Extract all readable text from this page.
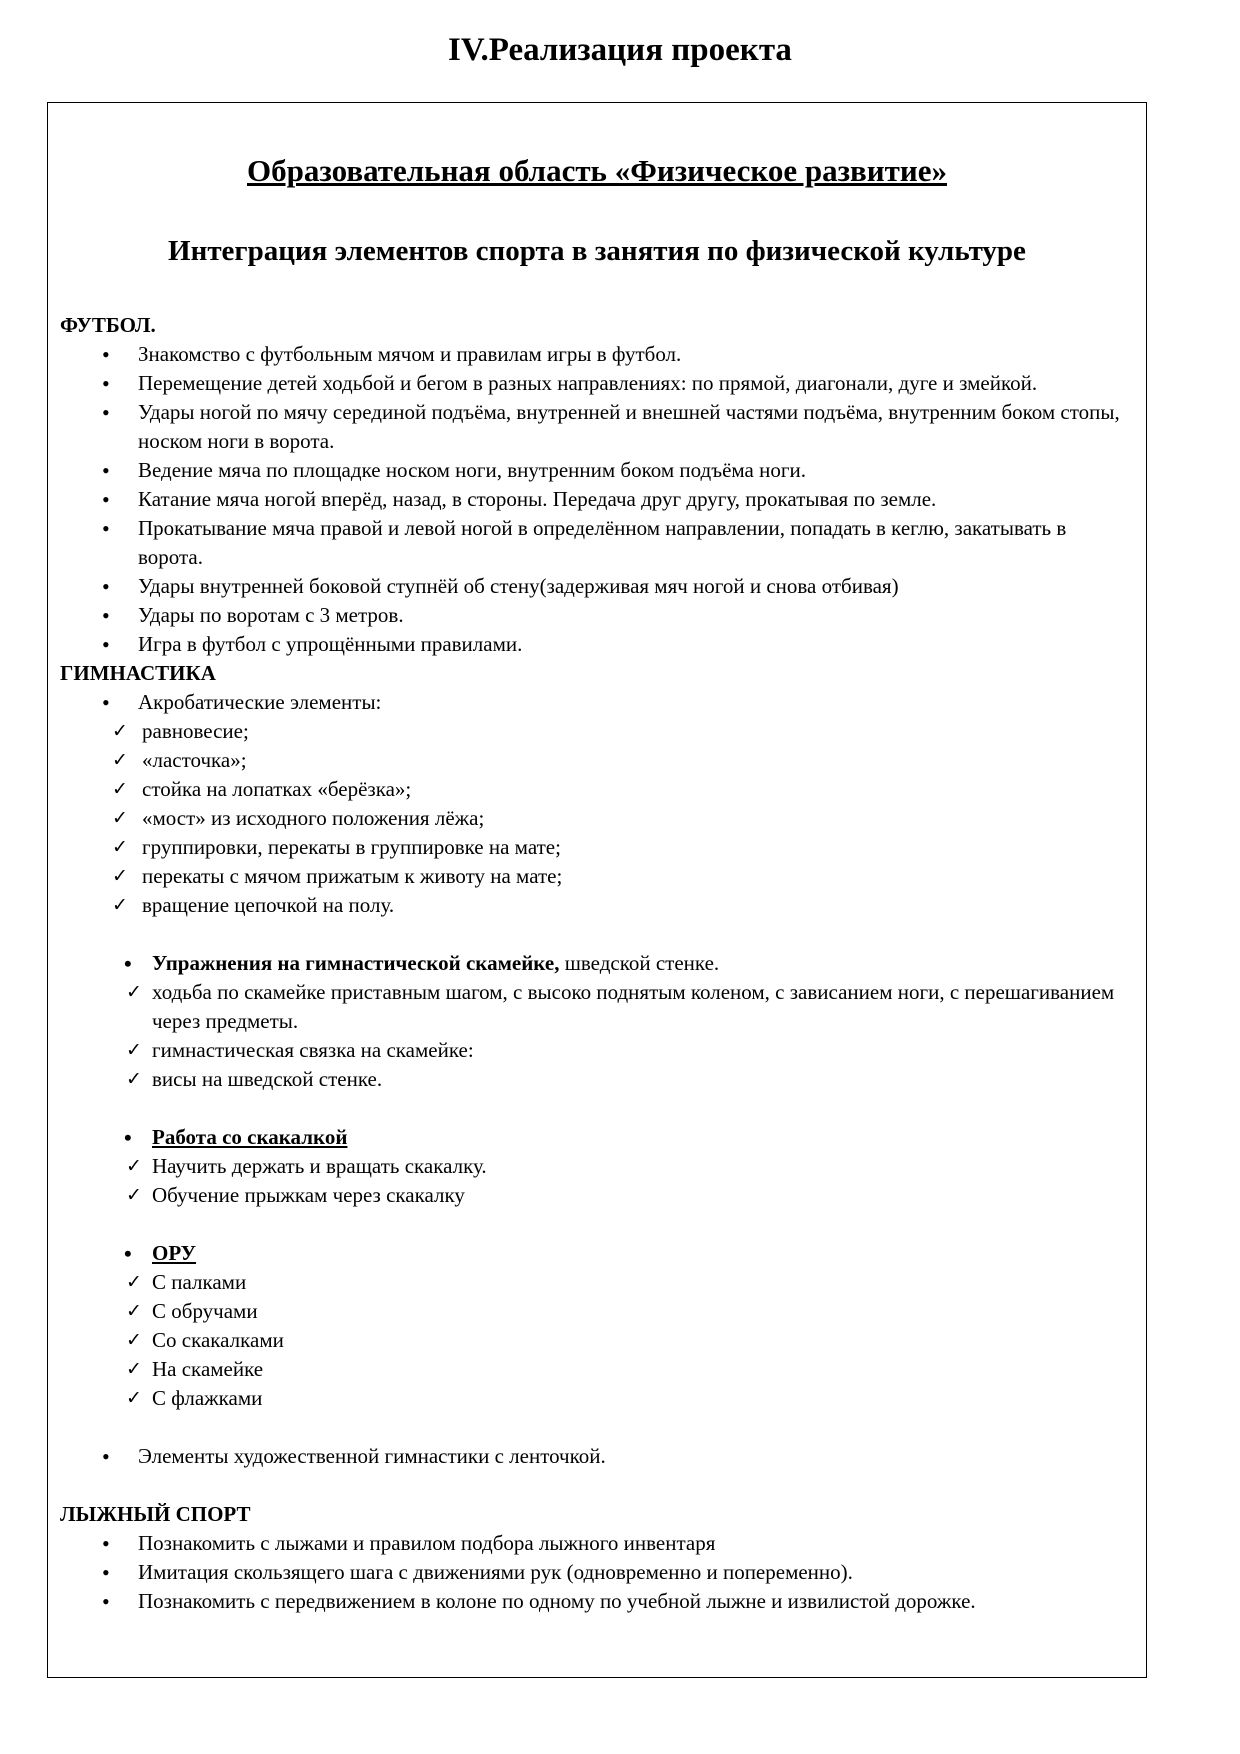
IV.Реализация проекта
Образовательная область «Физическое развитие»
Интеграция элементов спорта в занятия по физической культуре

ФУТБОЛ.

• Знакомство с футбольным мячом и правилам игры в футбол.
• Перемещение детей ходьбой и бегом в разных направлениях: по прямой, диагонали, дуге и змейкой.
• Удары ногой по мячу серединой подъёма, внутренней и внешней частями подъёма, внутренним боком стопы, носком ноги в ворота.
• Ведение мяча по площадке носком ноги, внутренним боком подъёма ноги.
• Катание мяча ногой вперёд, назад, в стороны. Передача друг другу, прокатывая по земле.
• Прокатывание мяча правой и левой ногой в определённом направлении, попадать в кеглю, закатывать в ворота.
• Удары внутренней боковой ступнёй об стену(задерживая мяч ногой и снова отбивая)
• Удары по воротам с 3 метров.
• Игра в футбол с упрощёнными правилами.

ГИМНАСТИКА

• Акробатические элементы:
✓ равновесие;
✓ «ласточка»;
✓ стойка на лопатках «берёзка»;
✓ «мост» из исходного положения лёжа;
✓ группировки, перекаты в группировке на мате;
✓ перекаты с мячом прижатым к животу на мате;
✓ вращение цепочкой на полу.
• Упражнения на гимнастической скамейке, шведской стенке.
✓ ходьба по скамейке приставным шагом, с высоко поднятым коленом, с зависанием ноги, с перешагиванием через предметы.
✓ гимнастическая связка на скамейке:
✓ висы на шведской стенке.
• Работа со скакалкой
✓ Научить держать и вращать скакалку.
✓ Обучение прыжкам через скакалку
• ОРУ
✓ С палками
✓ С обручами
✓ Со скакалками
✓ На скамейке
✓ С флажками
• Элементы художественной гимнастики с ленточкой.

ЛЫЖНЫЙ СПОРТ

• Познакомить с лыжами и правилом подбора лыжного инвентаря
• Имитация скользящего шага с движениями рук (одновременно и попеременно).
• Познакомить с передвижением в колоне по одному по учебной лыжне и извилистой дорожке.
